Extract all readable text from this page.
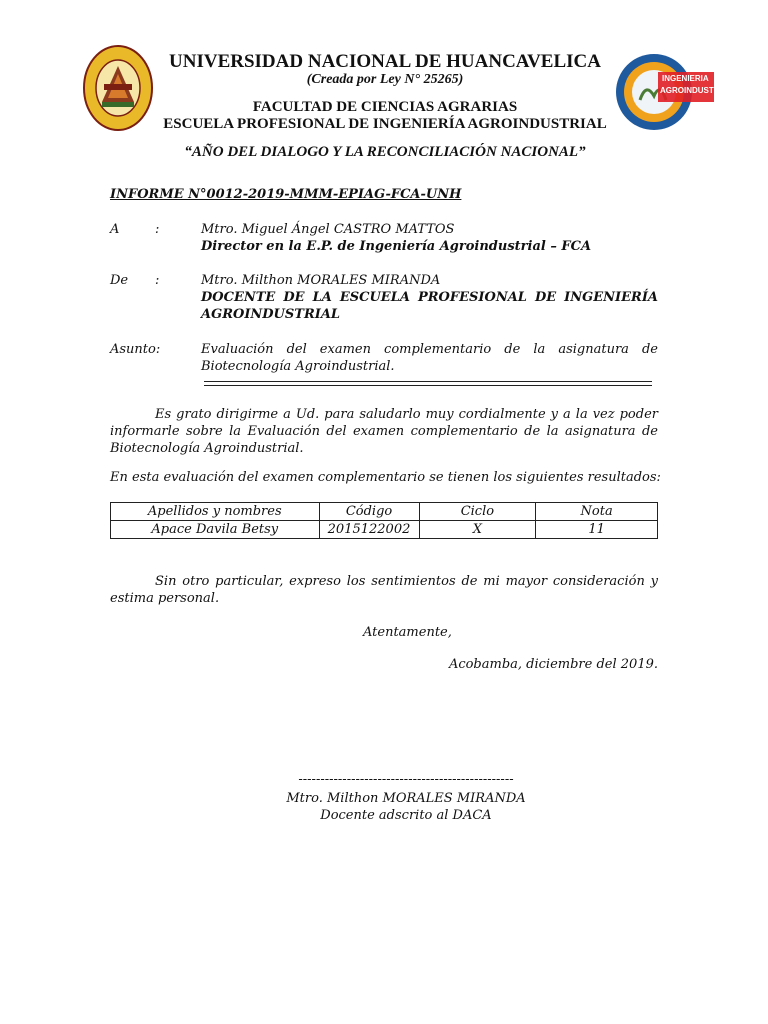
INGENIERIA
AGROINDUSTRIAL
UNIVERSIDAD NACIONAL DE HUANCAVELICA
(Creada por Ley N° 25265)
FACULTAD DE CIENCIAS AGRARIAS
ESCUELA PROFESIONAL DE INGENIERÍA AGROINDUSTRIAL
“AÑO DEL DIALOGO Y LA RECONCILIACIÓN NACIONAL”
INFORME N°0012-2019-MMM-EPIAG-FCA-UNH
A	:	Mtro. Miguel Ángel CASTRO MATTOS
Director en la E.P. de Ingeniería Agroindustrial – FCA
De :	Mtro. Milthon MORALES MIRANDA
DOCENTE DE LA ESCUELA PROFESIONAL DE INGENIERÍA
AGROINDUSTRIAL
Asunto:	Evaluación del examen complementario de la asignatura de
Biotecnología Agroindustrial.
Es grato dirigirme a Ud. para saludarlo muy cordialmente y a la vez poder
informarle sobre la Evaluación del examen complementario de la asignatura de
Biotecnología Agroindustrial.
En esta evaluación del examen complementario se tienen los siguientes resultados:
Apellidos y nombres	Código	Ciclo	Nota
Apace Davila Betsy	2015122002	X	11
Sin otro particular, expreso los sentimientos de mi mayor consideración y
estima personal.
Atentamente,
Acobamba, diciembre del 2019.
-------------------------------------------------
Mtro. Milthon MORALES MIRANDA
Docente adscrito al DACA
